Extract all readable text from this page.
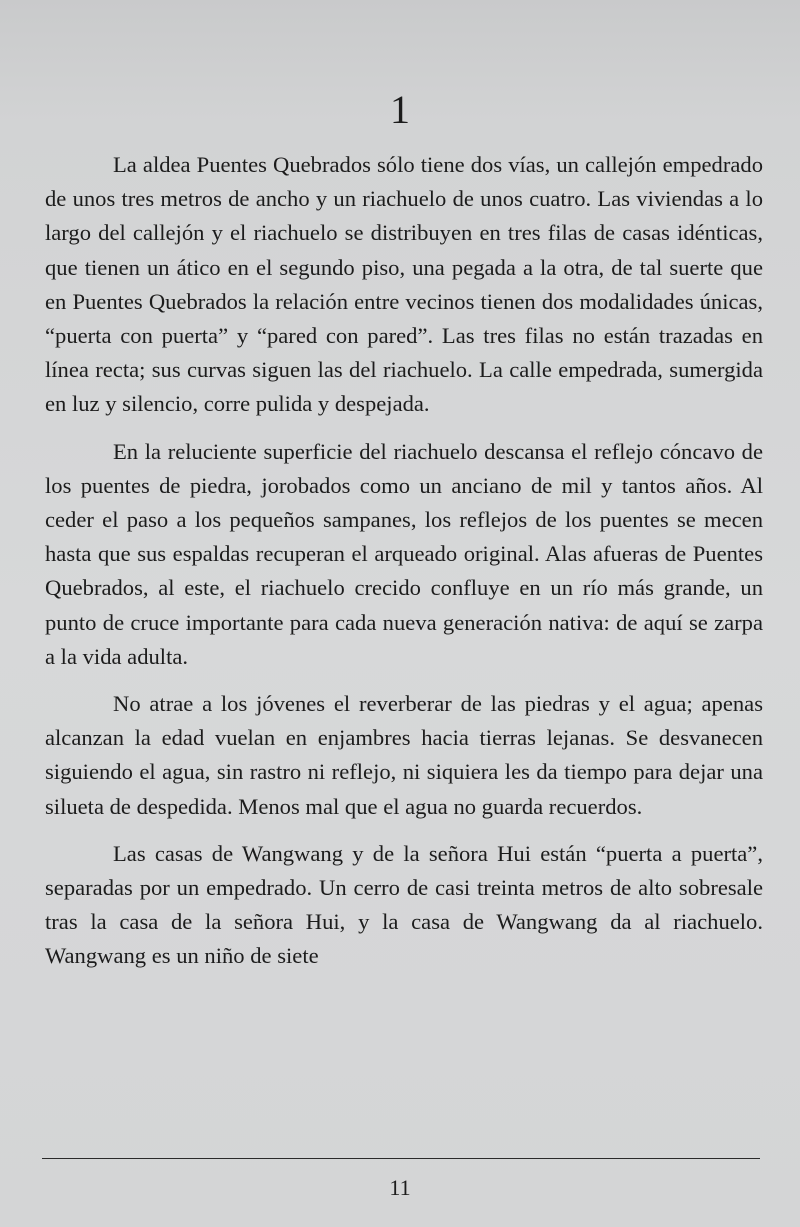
1

La aldea Puentes Quebrados sólo tiene dos vías, un callejón empedrado de unos tres metros de ancho y un riachuelo de unos cuatro. Las viviendas a lo largo del callejón y el riachuelo se distribuyen en tres filas de casas idénticas, que tienen un ático en el segundo piso, una pegada a la otra, de tal suerte que en Puentes Quebrados la relación entre vecinos tienen dos modalidades únicas, “puerta con puerta” y “pared con pared”. Las tres filas no están trazadas en línea recta; sus curvas siguen las del riachuelo. La calle empedrada, sumergida en luz y silencio, corre pulida y despejada.

En la reluciente superficie del riachuelo descansa el reflejo cóncavo de los puentes de piedra, jorobados como un anciano de mil y tantos años. Al ceder el paso a los pequeños sampanes, los reflejos de los puentes se mecen hasta que sus espaldas recuperan el arqueado original. Alas afueras de Puentes Quebrados, al este, el riachuelo crecido confluye en un río más grande, un punto de cruce importante para cada nueva generación nativa: de aquí se zarpa a la vida adulta.

No atrae a los jóvenes el reverberar de las piedras y el agua; apenas alcanzan la edad vuelan en enjambres hacia tierras lejanas. Se desvanecen siguiendo el agua, sin rastro ni reflejo, ni siquiera les da tiempo para dejar una silueta de despedida. Menos mal que el agua no guarda recuerdos.

Las casas de Wangwang y de la señora Hui están “puerta a puerta”, separadas por un empedrado. Un cerro de casi treinta metros de alto sobresale tras la casa de la señora Hui, y la casa de Wangwang da al riachuelo. Wangwang es un niño de siete

11
